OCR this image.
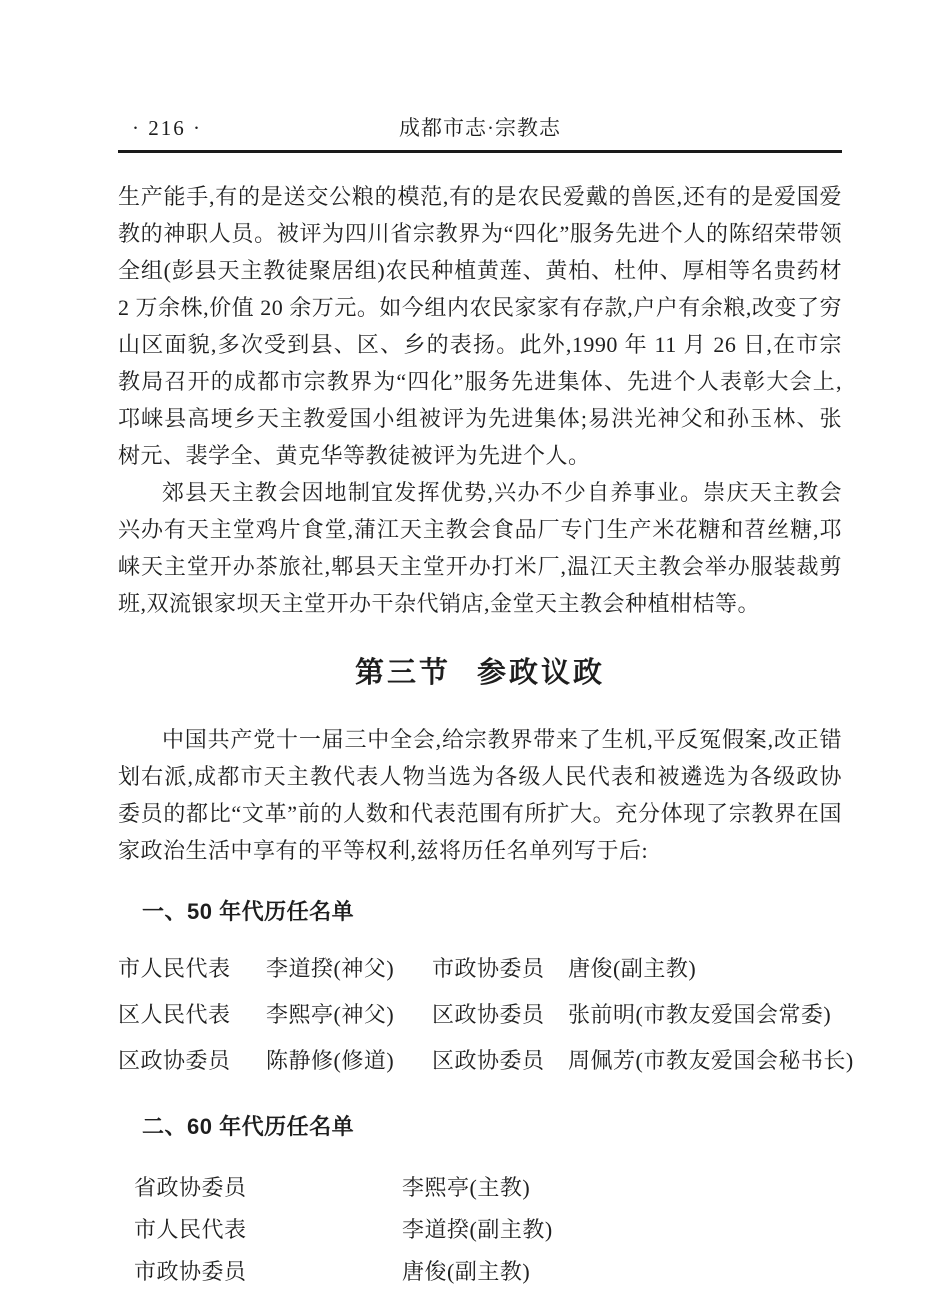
· 216 ·	成都市志·宗教志

生产能手,有的是送交公粮的模范,有的是农民爱戴的兽医,还有的是爱国爱教的神职人员。被评为四川省宗教界为“四化”服务先进个人的陈绍荣带领全组(彭县天主教徒聚居组)农民种植黄莲、黄柏、杜仲、厚相等名贵药材 2 万余株,价值 20 余万元。如今组内农民家家有存款,户户有余粮,改变了穷山区面貌,多次受到县、区、乡的表扬。此外,1990 年 11 月 26 日,在市宗教局召开的成都市宗教界为“四化”服务先进集体、先进个人表彰大会上,邛崃县高埂乡天主教爱国小组被评为先进集体;易洪光神父和孙玉林、张树元、裴学全、黄克华等教徒被评为先进个人。

郊县天主教会因地制宜发挥优势,兴办不少自养事业。崇庆天主教会兴办有天主堂鸡片食堂,蒲江天主教会食品厂专门生产米花糖和苕丝糖,邛崃天主堂开办茶旅社,郫县天主堂开办打米厂,温江天主教会举办服装裁剪班,双流银家坝天主堂开办干杂代销店,金堂天主教会种植柑桔等。

第三节 参政议政

中国共产党十一届三中全会,给宗教界带来了生机,平反冤假案,改正错划右派,成都市天主教代表人物当选为各级人民代表和被遴选为各级政协委员的都比“文革”前的人数和代表范围有所扩大。充分体现了宗教界在国家政治生活中享有的平等权利,兹将历任名单列写于后:

一、50 年代历任名单
市人民代表	李道揆(神父)	市政协委员	唐俊(副主教)
区人民代表	李熙亭(神父)	区政协委员	张前明(市教友爱国会常委)
区政协委员	陈静修(修道)	区政协委员	周佩芳(市教友爱国会秘书长)
二、60 年代历任名单
省政协委员	李熙亭(主教)
市人民代表	李道揆(副主教)
市政协委员	唐俊(副主教)
